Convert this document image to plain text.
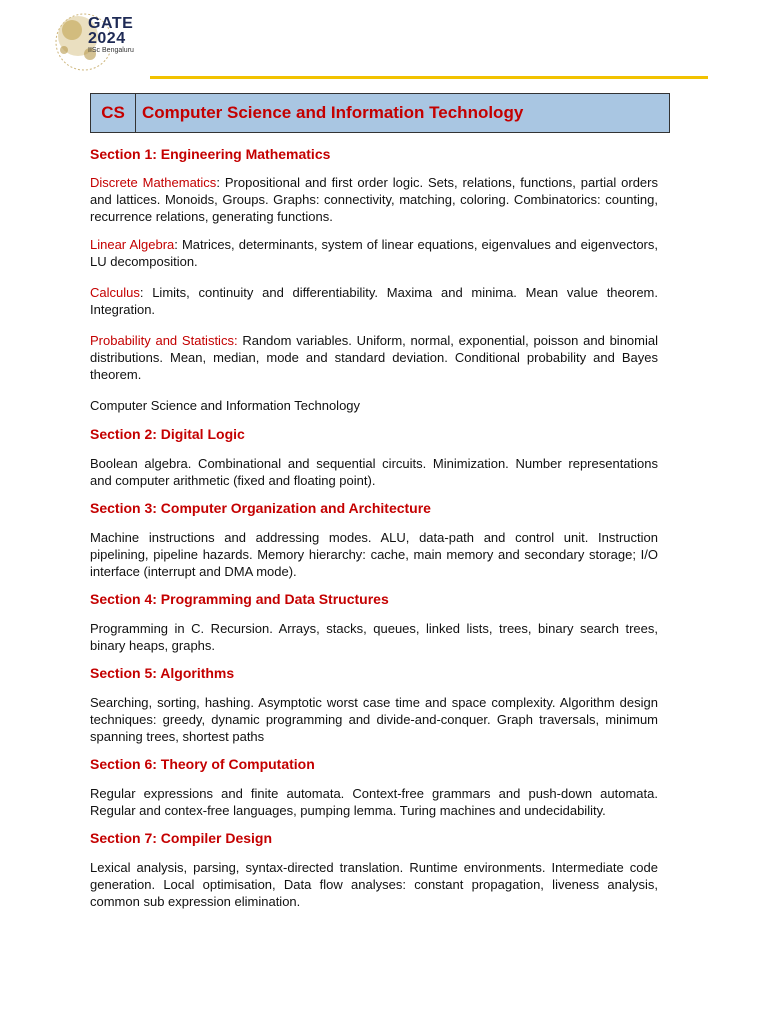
GATE
2024
IISc Bengaluru
CS	Computer Science and Information Technology

Section 1: Engineering Mathematics

Discrete Mathematics: Propositional and first order logic. Sets, relations, functions, partial orders and lattices. Monoids, Groups. Graphs: connectivity, matching, coloring. Combinatorics: counting, recurrence relations, generating functions.

Linear Algebra: Matrices, determinants, system of linear equations, eigenvalues and eigenvectors, LU decomposition.

Calculus: Limits, continuity and differentiability. Maxima and minima. Mean value theorem. Integration.

Probability and Statistics: Random variables. Uniform, normal, exponential, poisson and binomial distributions. Mean, median, mode and standard deviation. Conditional probability and Bayes theorem.

Computer Science and Information Technology

Section 2: Digital Logic

Boolean algebra. Combinational and sequential circuits. Minimization. Number representations and computer arithmetic (fixed and floating point).

Section 3: Computer Organization and Architecture

Machine instructions and addressing modes. ALU, data-path and control unit. Instruction pipelining, pipeline hazards. Memory hierarchy: cache, main memory and secondary storage; I/O interface (interrupt and DMA mode).

Section 4: Programming and Data Structures

Programming in C. Recursion. Arrays, stacks, queues, linked lists, trees, binary search trees, binary heaps, graphs.

Section 5: Algorithms

Searching, sorting, hashing. Asymptotic worst case time and space complexity. Algorithm design techniques: greedy, dynamic programming and divide-and-conquer. Graph traversals, minimum spanning trees, shortest paths

Section 6: Theory of Computation

Regular expressions and finite automata. Context-free grammars and push-down automata. Regular and contex-free languages, pumping lemma. Turing machines and undecidability.

Section 7: Compiler Design

Lexical analysis, parsing, syntax-directed translation. Runtime environments. Intermediate code generation. Local optimisation, Data flow analyses: constant propagation, liveness analysis, common sub expression elimination.
